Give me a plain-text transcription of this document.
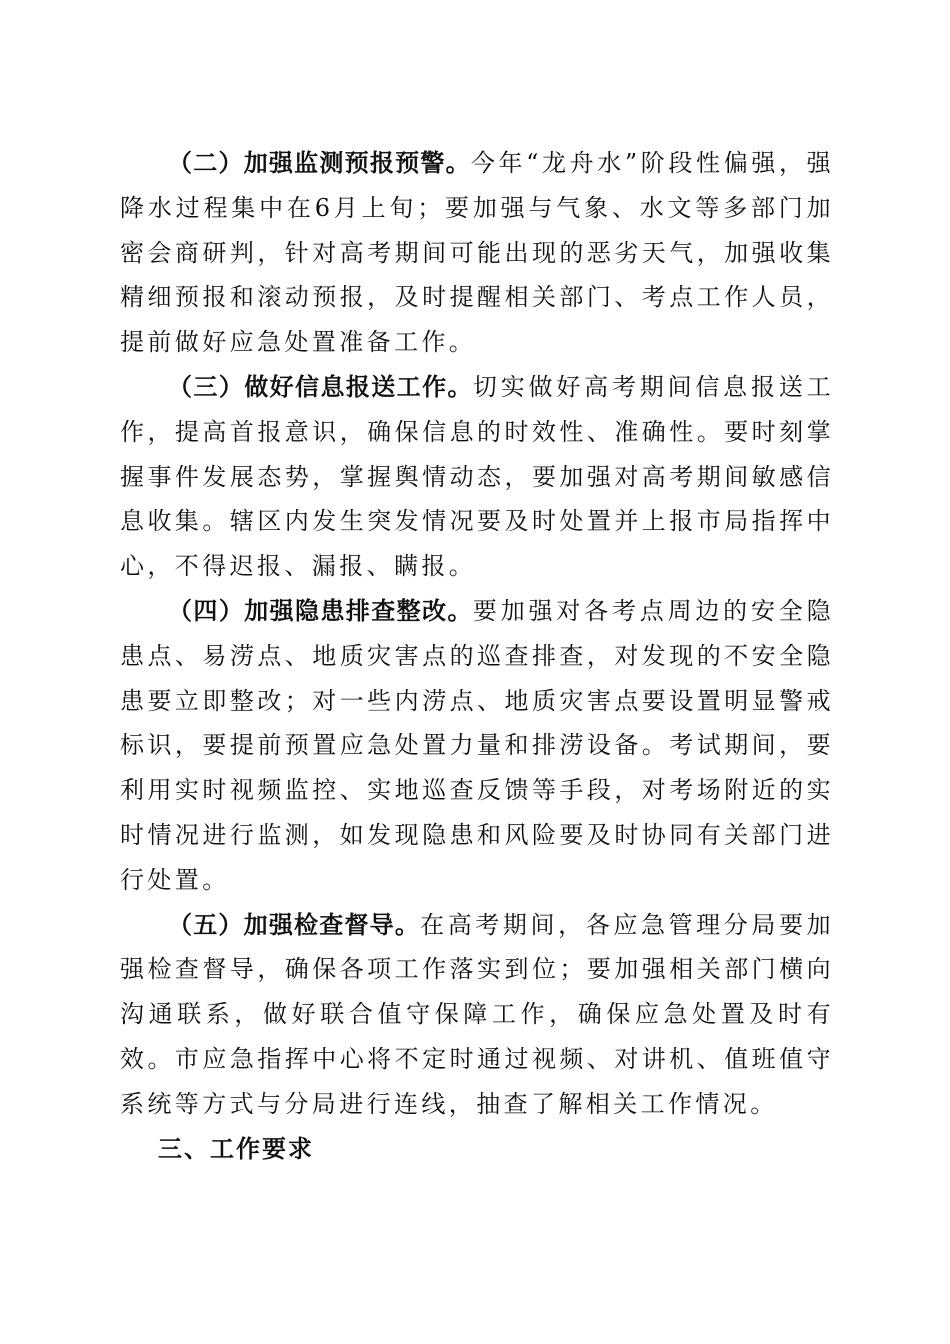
（二）加强监测预报预警。今年“龙舟水”阶段性偏强，强降水过程集中在6月上旬；要加强与气象、水文等多部门加密会商研判，针对高考期间可能出现的恶劣天气，加强收集精细预报和滚动预报，及时提醒相关部门、考点工作人员，提前做好应急处置准备工作。

（三）做好信息报送工作。切实做好高考期间信息报送工作，提高首报意识，确保信息的时效性、准确性。要时刻掌握事件发展态势，掌握舆情动态，要加强对高考期间敏感信息收集。辖区内发生突发情况要及时处置并上报市局指挥中心，不得迟报、漏报、瞒报。

（四）加强隐患排查整改。要加强对各考点周边的安全隐患点、易涝点、地质灾害点的巡查排查，对发现的不安全隐患要立即整改；对一些内涝点、地质灾害点要设置明显警戒标识，要提前预置应急处置力量和排涝设备。考试期间，要利用实时视频监控、实地巡查反馈等手段，对考场附近的实时情况进行监测，如发现隐患和风险要及时协同有关部门进行处置。

（五）加强检查督导。在高考期间，各应急管理分局要加强检查督导，确保各项工作落实到位；要加强相关部门横向沟通联系，做好联合值守保障工作，确保应急处置及时有效。市应急指挥中心将不定时通过视频、对讲机、值班值守系统等方式与分局进行连线，抽查了解相关工作情况。

三、工作要求
